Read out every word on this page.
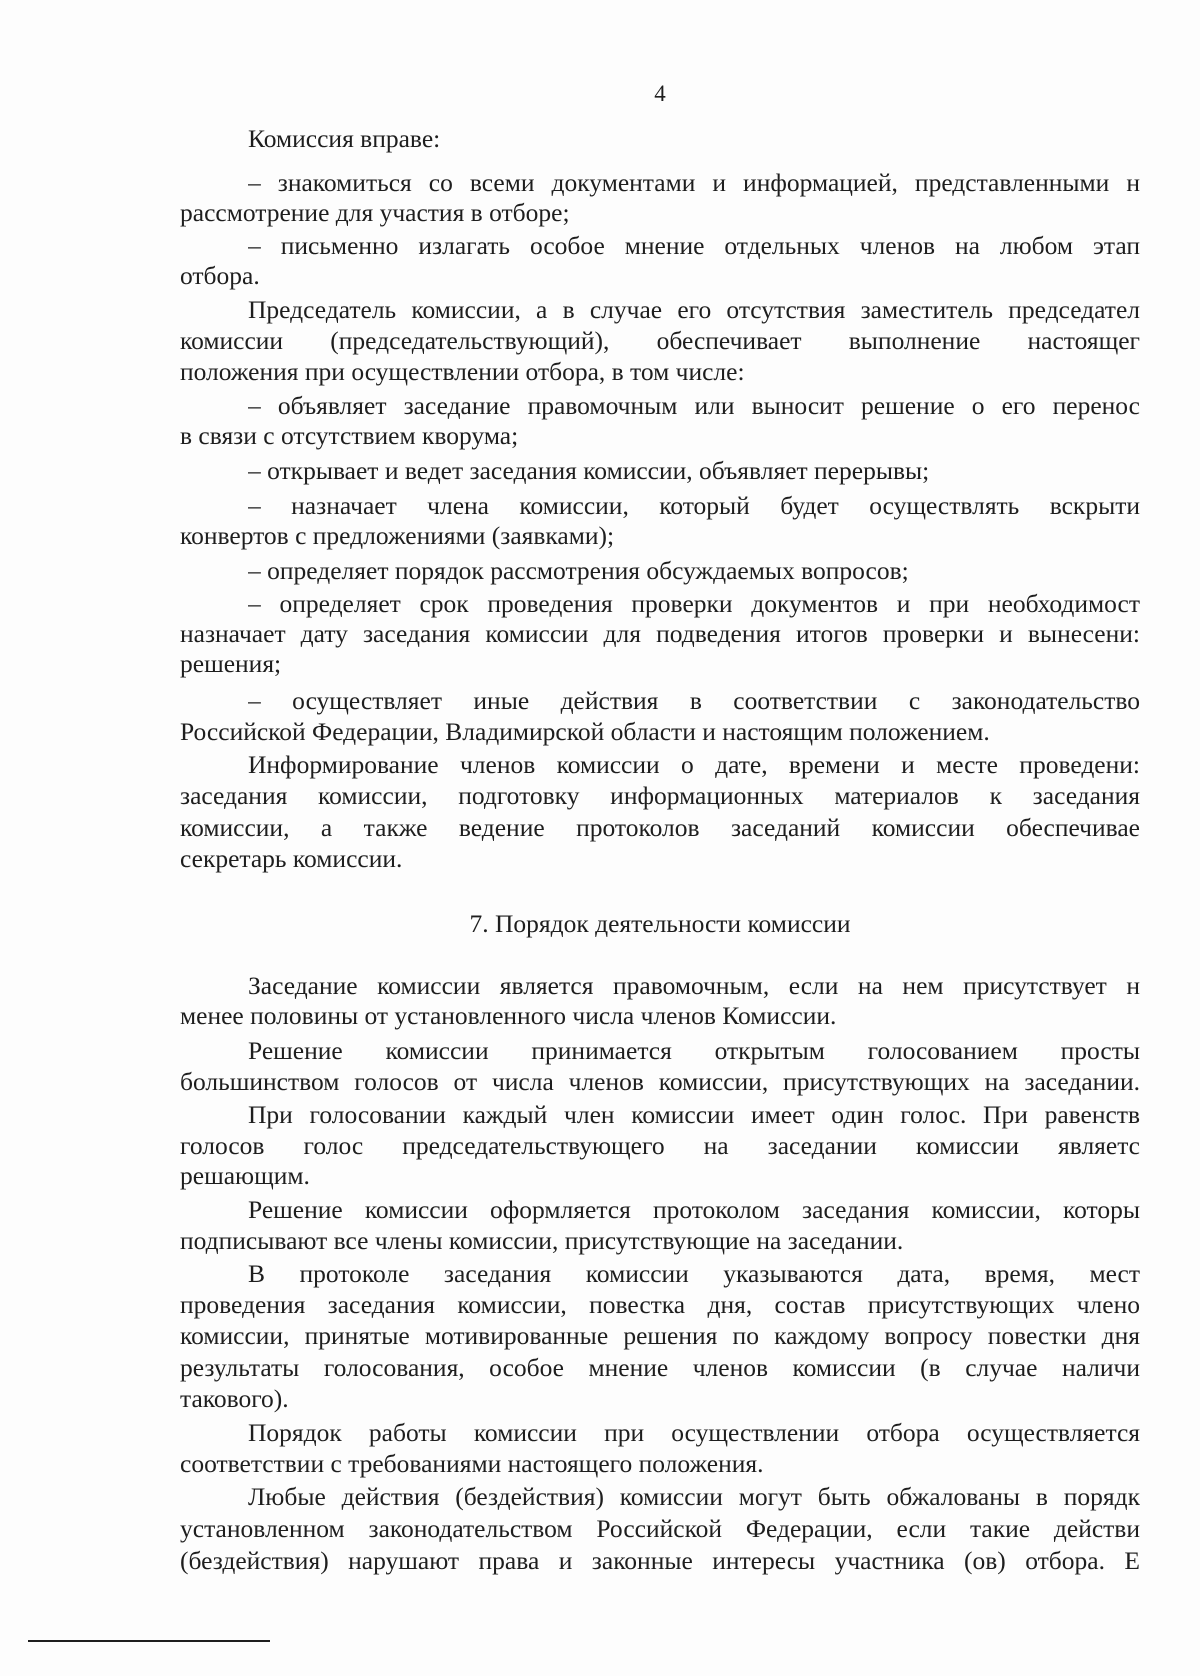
4
Комиссия вправе:
– знакомиться со всеми документами и информацией, представленными н
рассмотрение для участия в отборе;
– письменно излагать особое мнение отдельных членов на любом этап
отбора.
Председатель комиссии, а в случае его отсутствия заместитель председател
комиссии (председательствующий), обеспечивает выполнение настоящег
положения при осуществлении отбора, в том числе:
– объявляет заседание правомочным или выносит решение о его перенос
в связи с отсутствием кворума;
– открывает и ведет заседания комиссии, объявляет перерывы;
– назначает члена комиссии, который будет осуществлять вскрыти
конвертов с предложениями (заявками);
– определяет порядок рассмотрения обсуждаемых вопросов;
– определяет срок проведения проверки документов и при необходимост
назначает дату заседания комиссии для подведения итогов проверки и вынесени:
решения;
– осуществляет иные действия в соответствии с законодательство
Российской Федерации, Владимирской области и настоящим положением.
Информирование членов комиссии о дате, времени и месте проведени:
заседания комиссии, подготовку информационных материалов к заседания
комиссии, а также ведение протоколов заседаний комиссии обеспечивае
секретарь комиссии.
Заседание комиссии является правомочным, если на нем присутствует н
менее половины от установленного числа членов Комиссии.
Решение комиссии принимается открытым голосованием просты
большинством голосов от числа членов комиссии, присутствующих на заседании.
При голосовании каждый член комиссии имеет один голос. При равенств
голосов голос председательствующего на заседании комиссии являетс
решающим.
Решение комиссии оформляется протоколом заседания комиссии, которы
подписывают все члены комиссии, присутствующие на заседании.
В протоколе заседания комиссии указываются дата, время, мест
проведения заседания комиссии, повестка дня, состав присутствующих члено
комиссии, принятые мотивированные решения по каждому вопросу повестки дня
результаты голосования, особое мнение членов комиссии (в случае наличи
такового).
Порядок работы комиссии при осуществлении отбора осуществляется
соответствии с требованиями настоящего положения.
Любые действия (бездействия) комиссии могут быть обжалованы в порядк
установленном законодательством Российской Федерации, если такие действи
(бездействия) нарушают права и законные интересы участника (ов) отбора. Е
7. Порядок деятельности комиссии
